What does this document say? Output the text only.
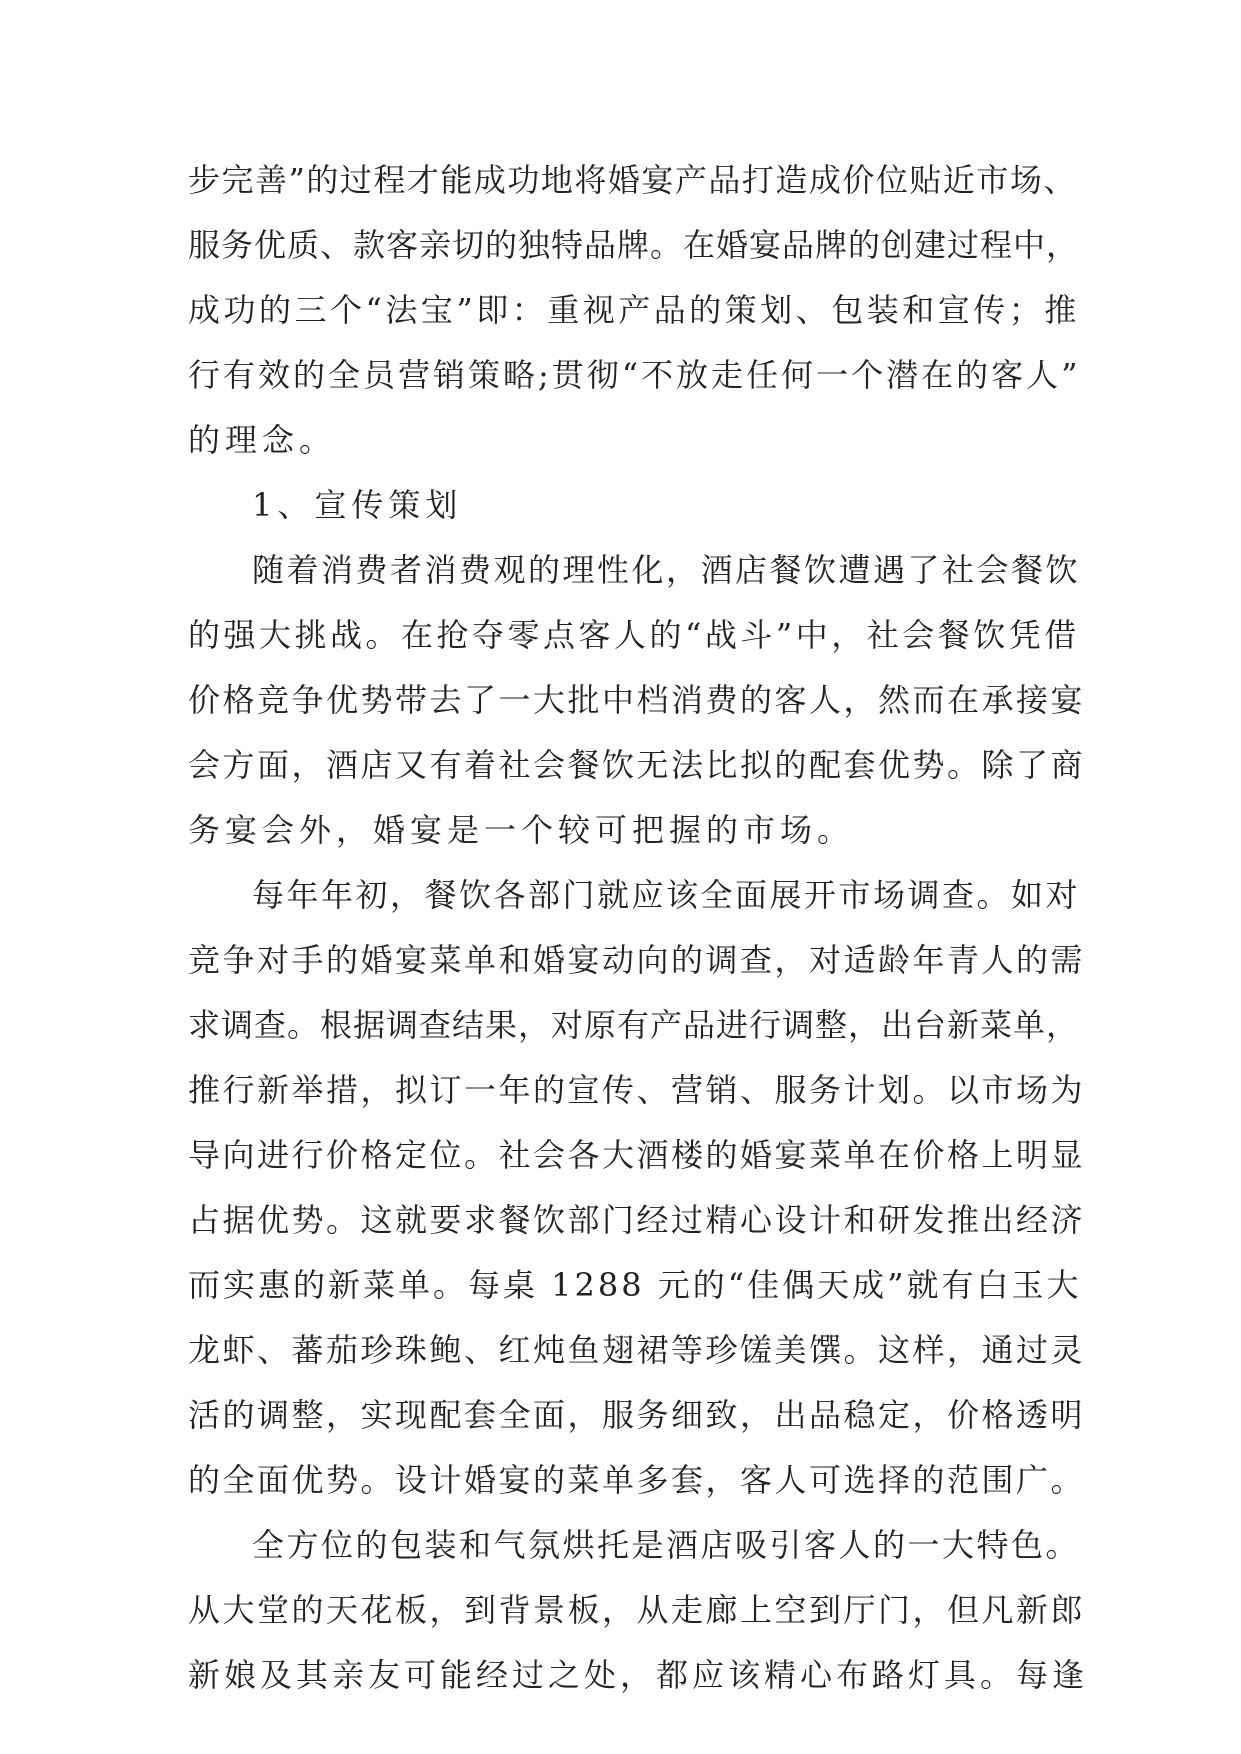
步完善”的过程才能成功地将婚宴产品打造成价位贴近市场、
服务优质、款客亲切的独特品牌。在婚宴品牌的创建过程中，
成功的三个“法宝”即：重视产品的策划、包装和宣传；推
行有效的全员营销策略;贯彻“不放走任何一个潜在的客人”
的理念。
1、宣传策划
随着消费者消费观的理性化，酒店餐饮遭遇了社会餐饮
的强大挑战。在抢夺零点客人的“战斗”中，社会餐饮凭借
价格竞争优势带去了一大批中档消费的客人，然而在承接宴
会方面，酒店又有着社会餐饮无法比拟的配套优势。除了商
务宴会外，婚宴是一个较可把握的市场。
每年年初，餐饮各部门就应该全面展开市场调查。如对
竞争对手的婚宴菜单和婚宴动向的调查，对适龄年青人的需
求调查。根据调查结果，对原有产品进行调整，出台新菜单，
推行新举措，拟订一年的宣传、营销、服务计划。以市场为
导向进行价格定位。社会各大酒楼的婚宴菜单在价格上明显
占据优势。这就要求餐饮部门经过精心设计和研发推出经济
而实惠的新菜单。每桌 1288 元的“佳偶天成”就有白玉大
龙虾、蕃茄珍珠鲍、红炖鱼翅裙等珍馐美馔。这样，通过灵
活的调整，实现配套全面，服务细致，出品稳定，价格透明
的全面优势。设计婚宴的菜单多套，客人可选择的范围广。
全方位的包装和气氛烘托是酒店吸引客人的一大特色。
从大堂的天花板，到背景板，从走廊上空到厅门，但凡新郎
新娘及其亲友可能经过之处，都应该精心布路灯具。每逢
